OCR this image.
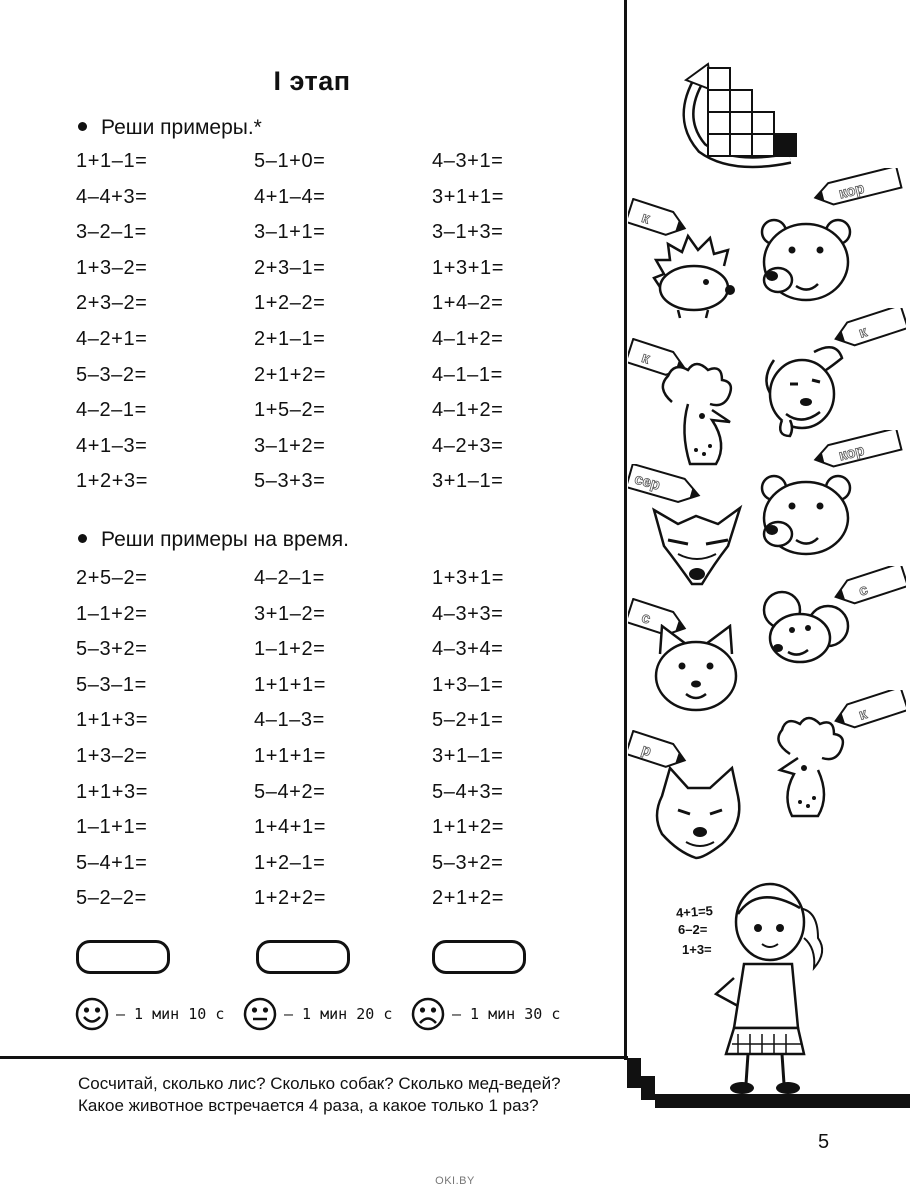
I этап
Реши примеры.*
1+1–1=	5–1+0=	4–3+1=
4–4+3=	4+1–4=	3+1+1=
3–2–1=	3–1+1=	3–1+3=
1+3–2=	2+3–1=	1+3+1=
2+3–2=	1+2–2=	1+4–2=
4–2+1=	2+1–1=	4–1+2=
5–3–2=	2+1+2=	4–1–1=
4–2–1=	1+5–2=	4–1+2=
4+1–3=	3–1+2=	4–2+3=
1+2+3=	5–3+3=	3+1–1=
Реши примеры на время.
2+5–2=	4–2–1=	1+3+1=
1–1+2=	3+1–2=	4–3+3=
5–3+2=	1–1+2=	4–3+4=
5–3–1=	1+1+1=	1+3–1=
1+1+3=	4–1–3=	5–2+1=
1+3–2=	1+1+1=	3+1–1=
1+1+3=	5–4+2=	5–4+3=
1–1+1=	1+4+1=	1+1+2=
5–4+1=	1+2–1=	5–3+2=
5–2–2=	1+2+2=	2+1+2=
— 1 мин 10 с	— 1 мин 20 с	— 1 мин 30 с

Сосчитай, сколько лис? Сколько собак? Сколько мед-ведей? Какое животное встречается 4 раза, а какое только 1 раз?

5
OKI.BY
кор
к
к
к
кор
сер
с
с
к
р
4+1=5
6–2=
1+3=
